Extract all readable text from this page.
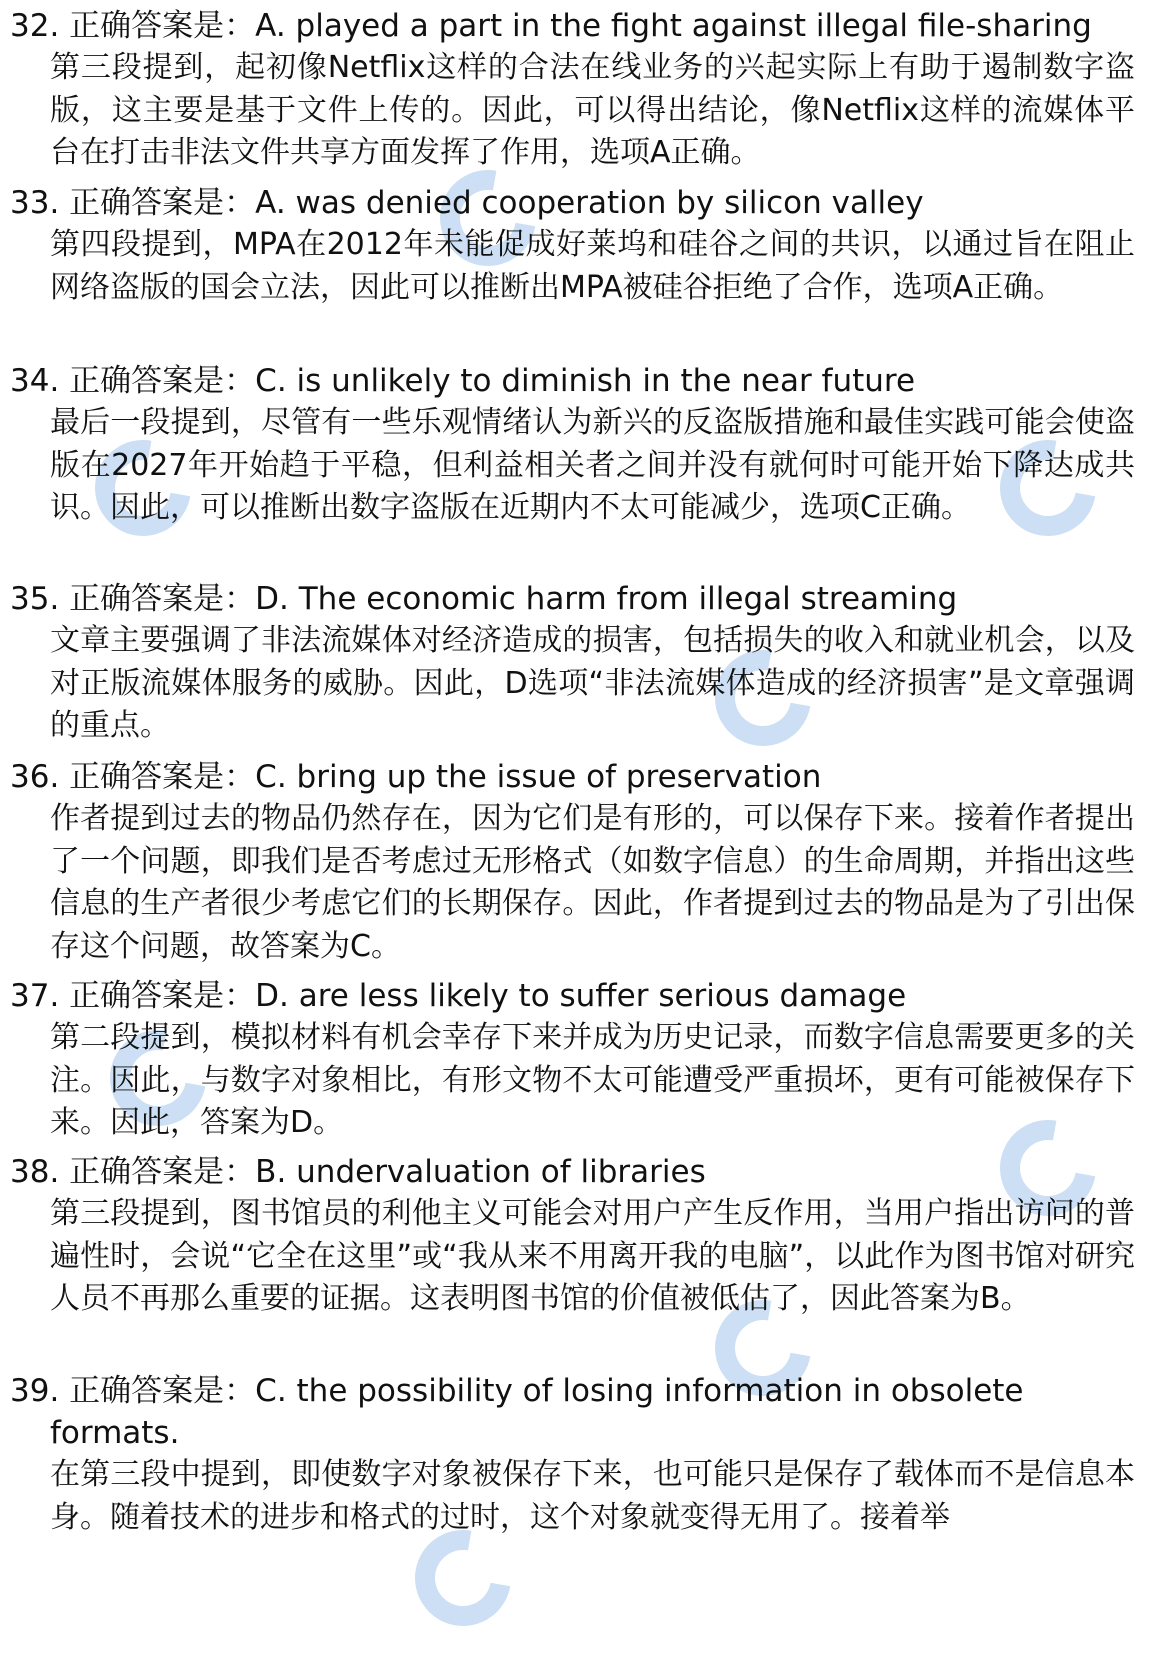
32. 正确答案是：A. played a part in the fight against illegal file-sharing
第三段提到，起初像Netflix这样的合法在线业务的兴起实际上有助于遏制数字盗版，这主要是基于文件上传的。因此，可以得出结论，像Netflix这样的流媒体平台在打击非法文件共享方面发挥了作用，选项A正确。
33. 正确答案是：A. was denied cooperation by silicon valley
第四段提到，MPA在2012年未能促成好莱坞和硅谷之间的共识，以通过旨在阻止网络盗版的国会立法，因此可以推断出MPA被硅谷拒绝了合作，选项A正确。
34. 正确答案是：C. is unlikely to diminish in the near future
最后一段提到，尽管有一些乐观情绪认为新兴的反盗版措施和最佳实践可能会使盗版在2027年开始趋于平稳，但利益相关者之间并没有就何时可能开始下降达成共识。因此，可以推断出数字盗版在近期内不太可能减少，选项C正确。
35. 正确答案是：D. The economic harm from illegal streaming
文章主要强调了非法流媒体对经济造成的损害，包括损失的收入和就业机会，以及对正版流媒体服务的威胁。因此，D选项“非法流媒体造成的经济损害”是文章强调的重点。
36. 正确答案是：C. bring up the issue of preservation
作者提到过去的物品仍然存在，因为它们是有形的，可以保存下来。接着作者提出了一个问题，即我们是否考虑过无形格式（如数字信息）的生命周期，并指出这些信息的生产者很少考虑它们的长期保存。因此，作者提到过去的物品是为了引出保存这个问题，故答案为C。
37. 正确答案是：D. are less likely to suffer serious damage
第二段提到，模拟材料有机会幸存下来并成为历史记录，而数字信息需要更多的关注。因此，与数字对象相比，有形文物不太可能遭受严重损坏，更有可能被保存下来。因此，答案为D。
38. 正确答案是：B. undervaluation of libraries
第三段提到，图书馆员的利他主义可能会对用户产生反作用，当用户指出访问的普遍性时，会说“它全在这里”或“我从来不用离开我的电脑”，以此作为图书馆对研究人员不再那么重要的证据。这表明图书馆的价值被低估了，因此答案为B。
39. 正确答案是：C. the possibility of losing information in obsolete
formats.
在第三段中提到，即使数字对象被保存下来，也可能只是保存了载体而不是信息本身。随着技术的进步和格式的过时，这个对象就变得无用了。接着举
